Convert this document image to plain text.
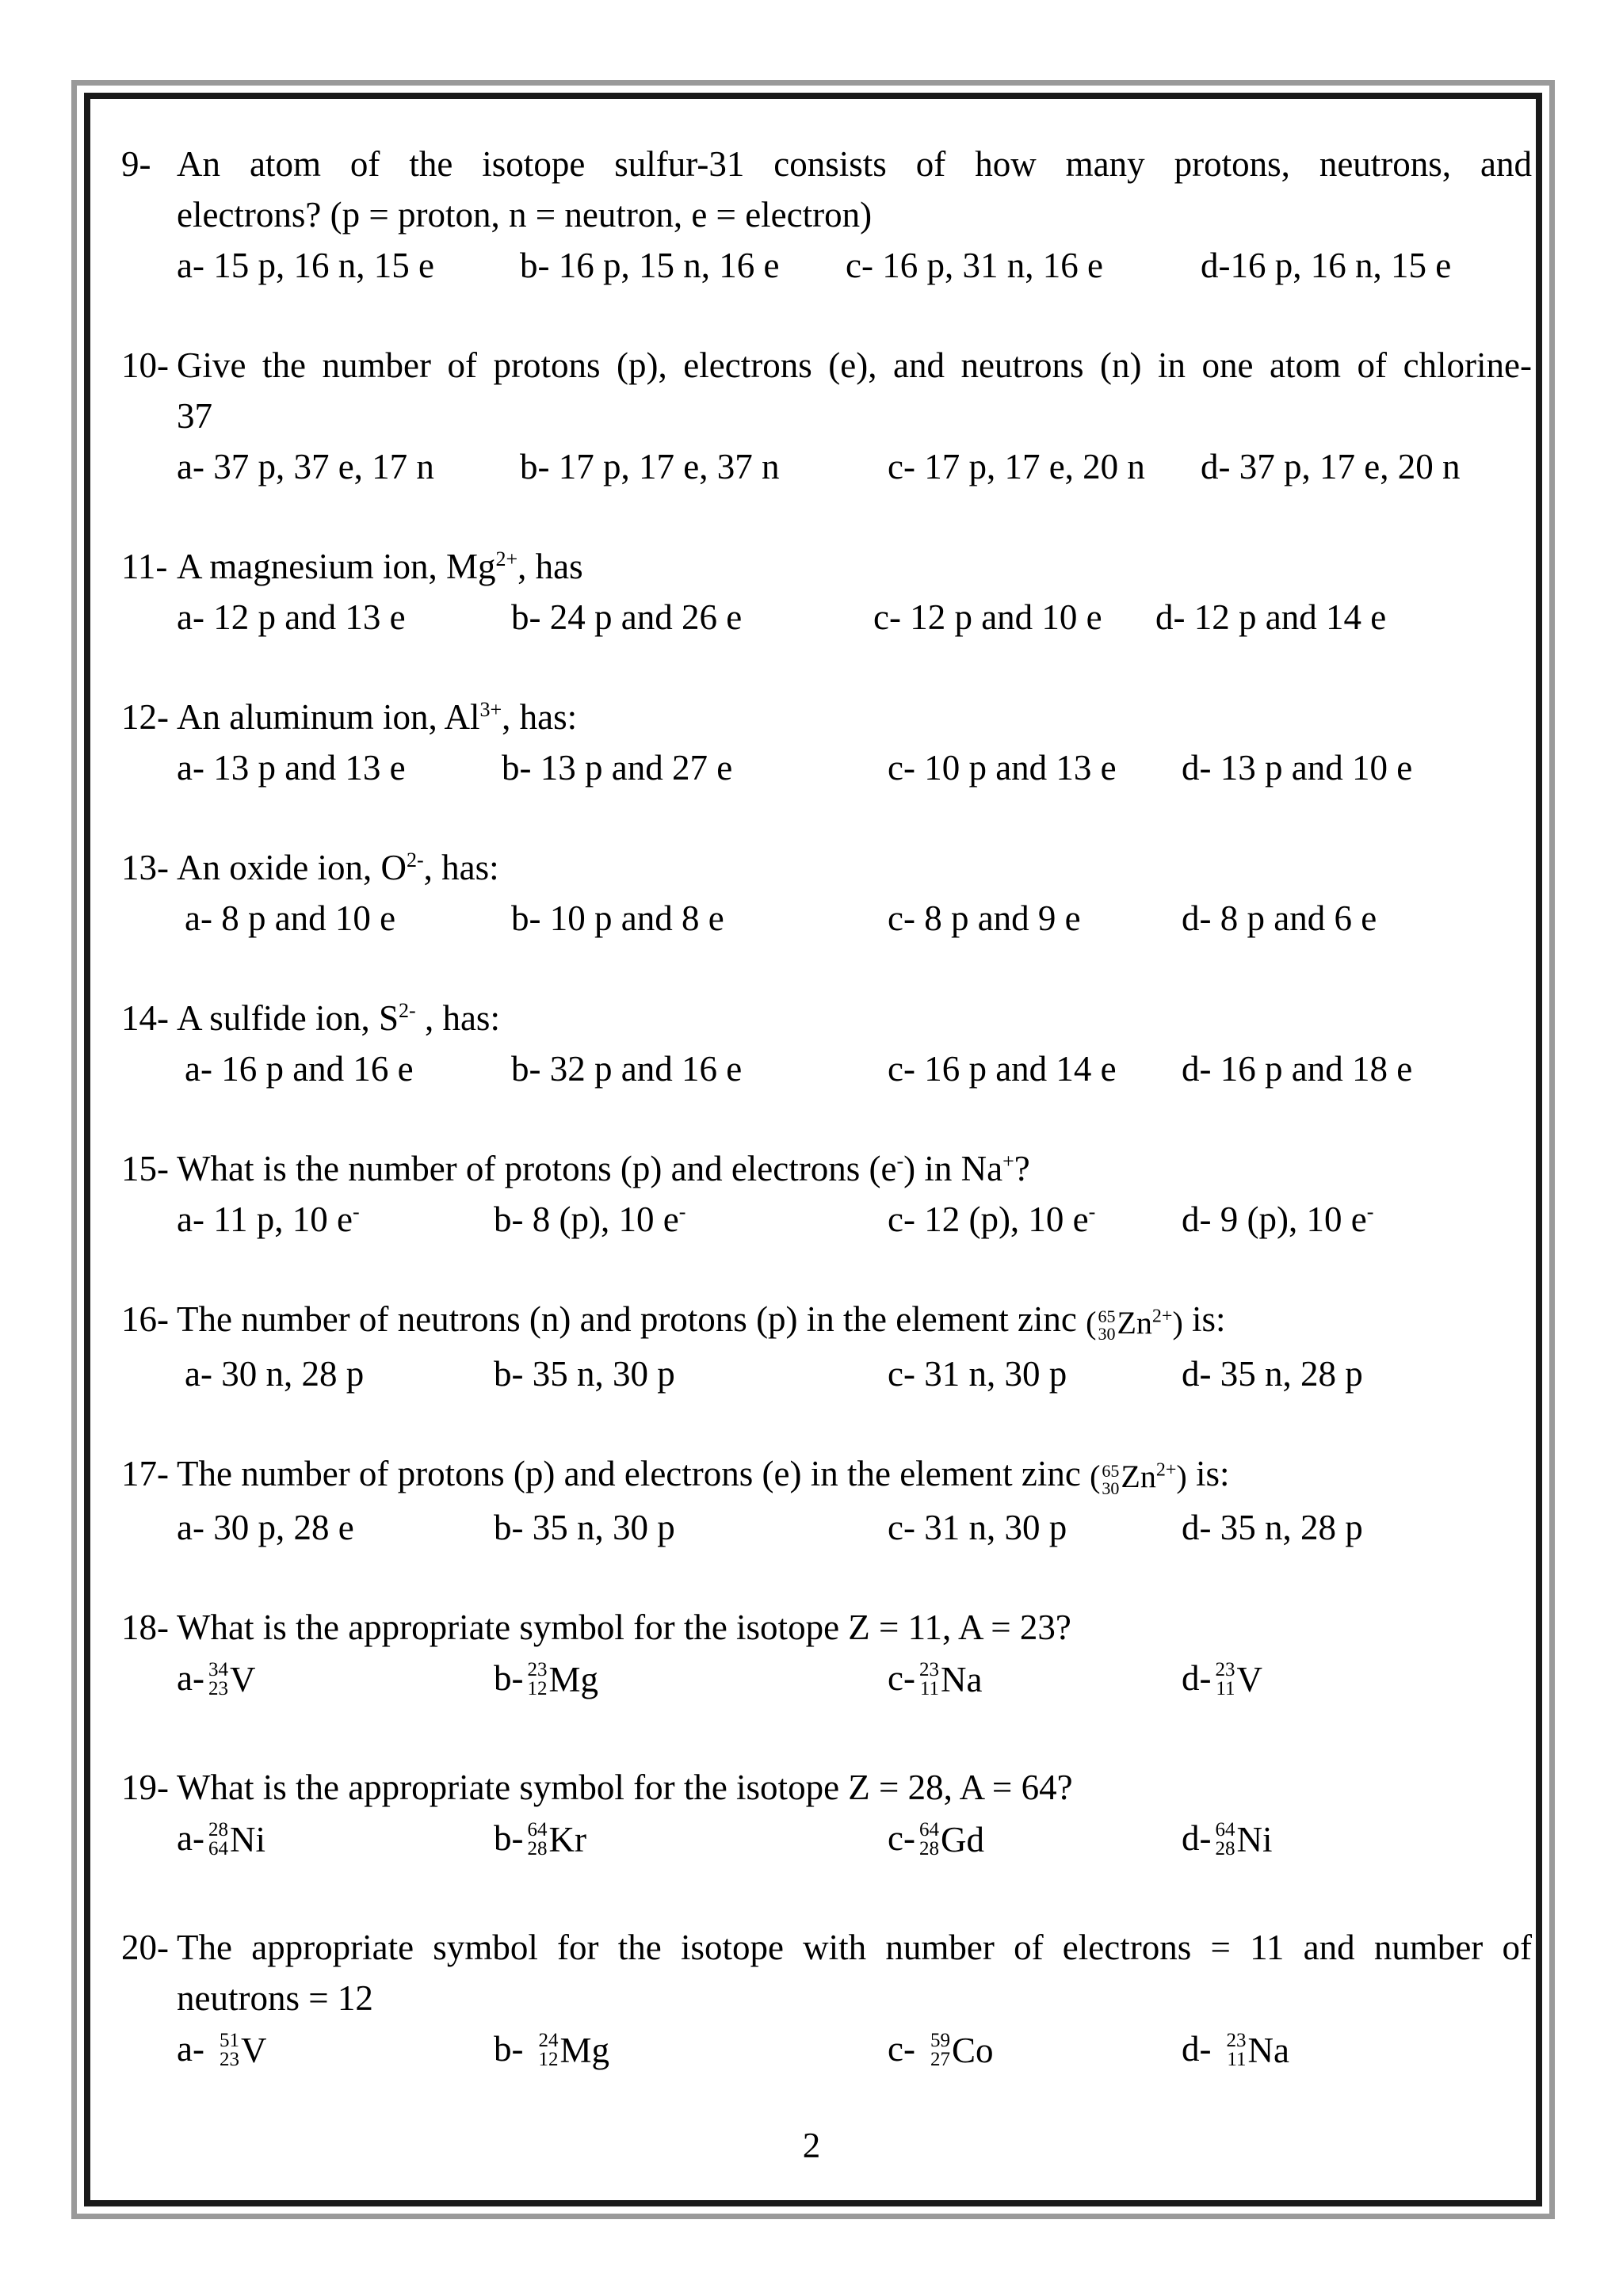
9- An atom of the isotope sulfur-31 consists of how many protons, neutrons, and
electrons? (p = proton, n = neutron, e = electron)
a- 15 p, 16 n, 15 e b- 16 p, 15 n, 16 e c- 16 p, 31 n, 16 e	d-16 p, 16 n, 15 e
10- Give the number of protons (p), electrons (e), and neutrons (n) in one atom of chlorine-
37
a- 37 p, 37 e, 17 n b- 17 p, 17 e, 37 n	c- 17 p, 17 e, 20 n d- 37 p, 17 e, 20 n
11- A magnesium ion, $Mg^{2+}$, has
a- 12 p and 13 e	b- 24 p and 26 e	c- 12 p and 10 e d- 12 p and 14 e
12- An aluminum ion, $Al^{3+}$, has:
a- 13 p and 13 e	b- 13 p and 27 e	c- 10 p and 13 e d- 13 p and 10 e
13- An oxide ion, $O^{2-}$, has:
a- 8 p and 10 e	b- 10 p and 8 e	c- 8 p and 9 e	d- 8 p and 6 e
14- A sulfide ion, $S^{2-}$ , has:
a- 16 p and 16 e	b- 32 p and 16 e	c- 16 p and 14 e d- 16 p and 18 e
15- What is the number of protons (p) and electrons (e-) in Na+?
a- 11 p, 10 e-	b- 8 (p), 10 e-	c- 12 (p), 10 e- d- 9 (p), 10 e-
16- The number of neutrons (n) and protons (p) in the element zinc (65
$30Zn^{2+}$) is:
a- 30 n, 28 p	b- 35 n, 30 p	c- 31 n, 30 p	d- 35 n, 28 p
17- The number of protons (p) and electrons (e) in the element zinc (65
$30Zn^{2+}$) is:
a- 30 p, 28 e	b- 35 n, 30 p	c- 31 n, 30 p	d- 35 n, 28 p
18- What is the appropriate symbol for the isotope Z = 11, A = 23?
a- 34
23 V	b- 23
12 Mg	c- 23
11 Na	d- 23
11 V
19- What is the appropriate symbol for the isotope Z = 28, A = 64?
a- 28
64 Ni	b- 64
28 Kr	c- 64
28 Gd	d- 64
28 Ni
20- The appropriate symbol for the isotope with number of electrons = 11 and number of
neutrons = 12
a- 51
23 V	b- 24
12 Mg	c- 59
27 Co	d- 23
11 Na
2
